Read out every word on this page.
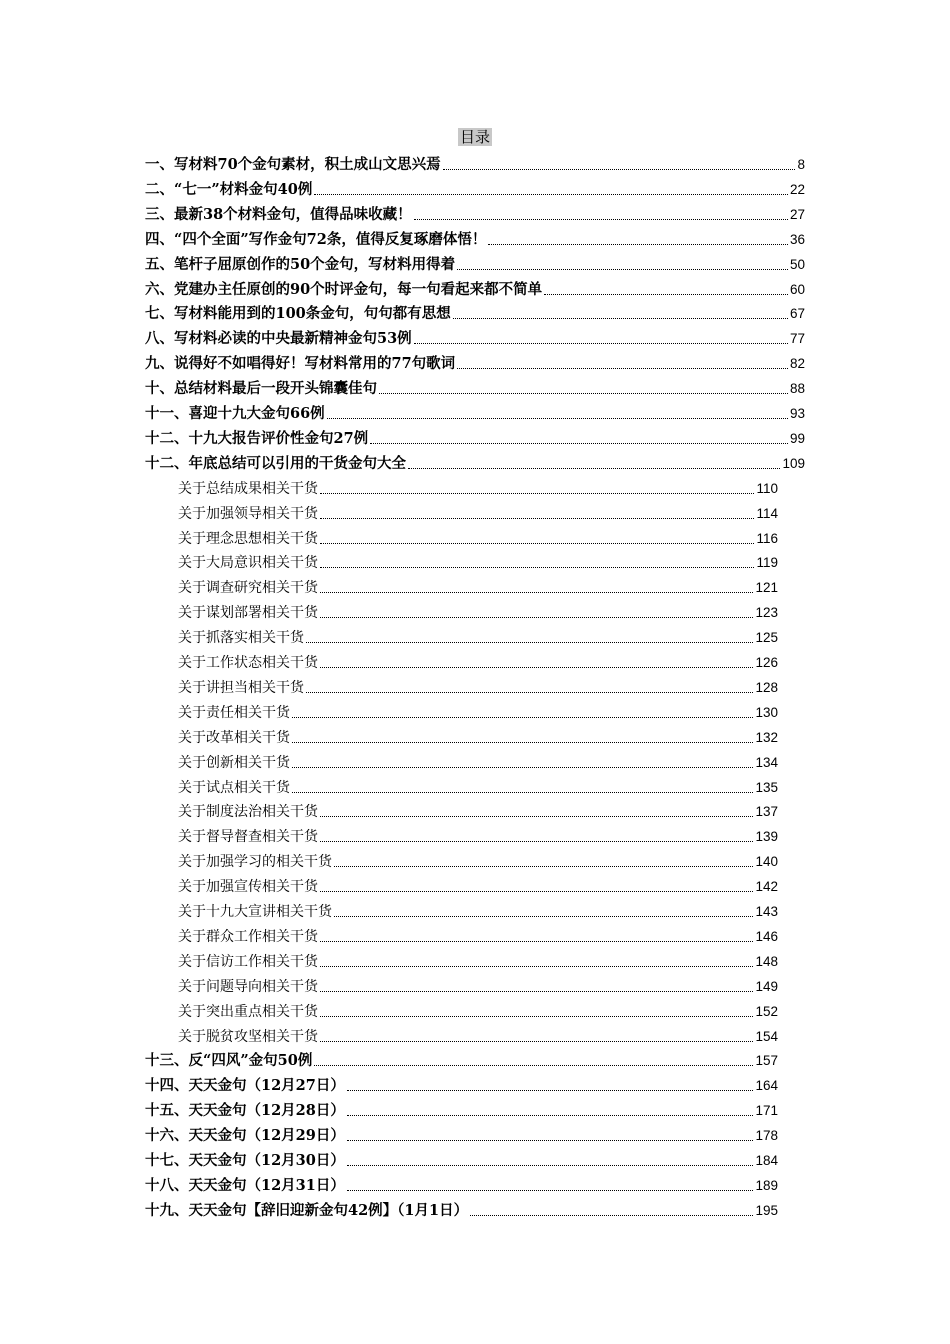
目录
一、写材料70个金句素材，积土成山文思兴焉	8
二、“七一”材料金句40例	22
三、最新38个材料金句，值得品味收藏！	27
四、“四个全面”写作金句72条，值得反复琢磨体悟！	36
五、笔杆子屈原创作的50个金句，写材料用得着	50
六、党建办主任原创的90个时评金句，每一句看起来都不简单	60
七、写材料能用到的100条金句，句句都有思想	67
八、写材料必读的中央最新精神金句53例	77
九、说得好不如唱得好！写材料常用的77句歌词	82
十、总结材料最后一段开头锦囊佳句	88
十一、喜迎十九大金句66例	93
十二、十九大报告评价性金句27例	99
十二、年底总结可以引用的干货金句大全	109
关于总结成果相关干货	110
关于加强领导相关干货	114
关于理念思想相关干货	116
关于大局意识相关干货	119
关于调查研究相关干货	121
关于谋划部署相关干货	123
关于抓落实相关干货	125
关于工作状态相关干货	126
关于讲担当相关干货	128
关于责任相关干货	130
关于改革相关干货	132
关于创新相关干货	134
关于试点相关干货	135
关于制度法治相关干货	137
关于督导督查相关干货	139
关于加强学习的相关干货	140
关于加强宣传相关干货	142
关于十九大宣讲相关干货	143
关于群众工作相关干货	146
关于信访工作相关干货	148
关于问题导向相关干货	149
关于突出重点相关干货	152
关于脱贫攻坚相关干货	154
十三、反“四风”金句50例	157
十四、天天金句（12月27日）	164
十五、天天金句（12月28日）	171
十六、天天金句（12月29日）	178
十七、天天金句（12月30日）	184
十八、天天金句（12月31日）	189
十九、天天金句【辞旧迎新金句42例】（1月1日）	195
